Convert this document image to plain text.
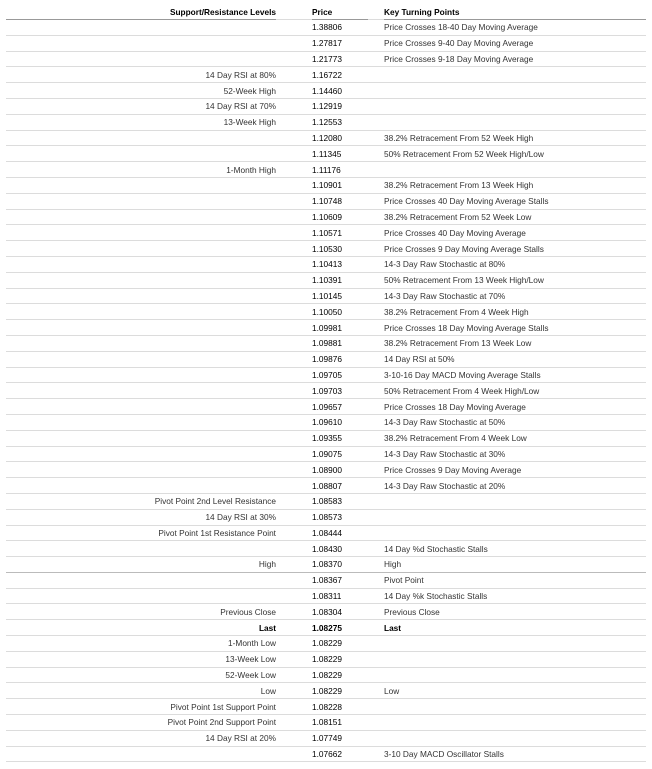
Support/Resistance Levels		Price		Key Turning Points
		1.38806		Price Crosses 18-40 Day Moving Average
		1.27817		Price Crosses 9-40 Day Moving Average
		1.21773		Price Crosses 9-18 Day Moving Average
14 Day RSI at 80%		1.16722		
52-Week High		1.14460		
14 Day RSI at 70%		1.12919		
13-Week High		1.12553		
		1.12080		38.2% Retracement From 52 Week High
		1.11345		50% Retracement From 52 Week High/Low
1-Month High		1.11176		
		1.10901		38.2% Retracement From 13 Week High
		1.10748		Price Crosses 40 Day Moving Average Stalls
		1.10609		38.2% Retracement From 52 Week Low
		1.10571		Price Crosses 40 Day Moving Average
		1.10530		Price Crosses 9 Day Moving Average Stalls
		1.10413		14-3 Day Raw Stochastic at 80%
		1.10391		50% Retracement From 13 Week High/Low
		1.10145		14-3 Day Raw Stochastic at 70%
		1.10050		38.2% Retracement From 4 Week High
		1.09981		Price Crosses 18 Day Moving Average Stalls
		1.09881		38.2% Retracement From 13 Week Low
		1.09876		14 Day RSI at 50%
		1.09705		3-10-16 Day MACD Moving Average Stalls
		1.09703		50% Retracement From 4 Week High/Low
		1.09657		Price Crosses 18 Day Moving Average
		1.09610		14-3 Day Raw Stochastic at 50%
		1.09355		38.2% Retracement From 4 Week Low
		1.09075		14-3 Day Raw Stochastic at 30%
		1.08900		Price Crosses 9 Day Moving Average
		1.08807		14-3 Day Raw Stochastic at 20%
Pivot Point 2nd Level Resistance		1.08583		
14 Day RSI at 30%		1.08573		
Pivot Point 1st Resistance Point		1.08444		
		1.08430		14 Day %d Stochastic Stalls
High		1.08370		High
		1.08367		Pivot Point
		1.08311		14 Day %k Stochastic Stalls
Previous Close		1.08304		Previous Close
Last		1.08275		Last
1-Month Low		1.08229		
13-Week Low		1.08229		
52-Week Low		1.08229		
Low		1.08229		Low
Pivot Point 1st Support Point		1.08228		
Pivot Point 2nd Support Point		1.08151		
14 Day RSI at 20%		1.07749		
		1.07662		3-10 Day MACD Oscillator Stalls
